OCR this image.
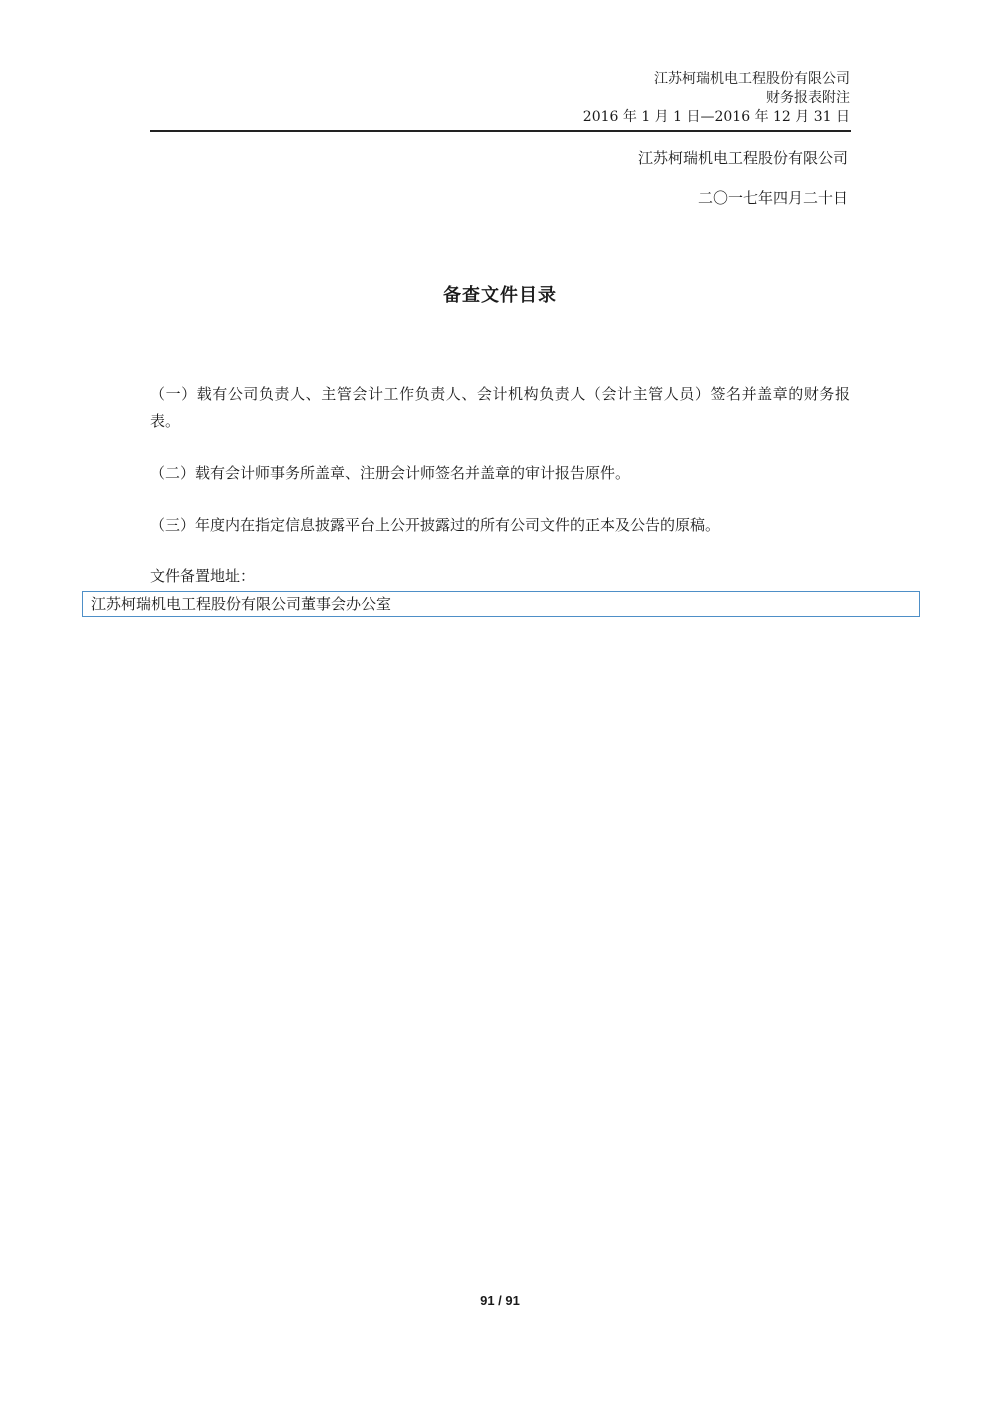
江苏柯瑞机电工程股份有限公司
财务报表附注
2016 年 1 月 1 日—2016 年 12 月 31 日
江苏柯瑞机电工程股份有限公司
二〇一七年四月二十日
备查文件目录
（一）载有公司负责人、主管会计工作负责人、会计机构负责人（会计主管人员）签名并盖章的财务报表。
（二）载有会计师事务所盖章、注册会计师签名并盖章的审计报告原件。
（三）年度内在指定信息披露平台上公开披露过的所有公司文件的正本及公告的原稿。
文件备置地址：
江苏柯瑞机电工程股份有限公司董事会办公室
91 / 91
